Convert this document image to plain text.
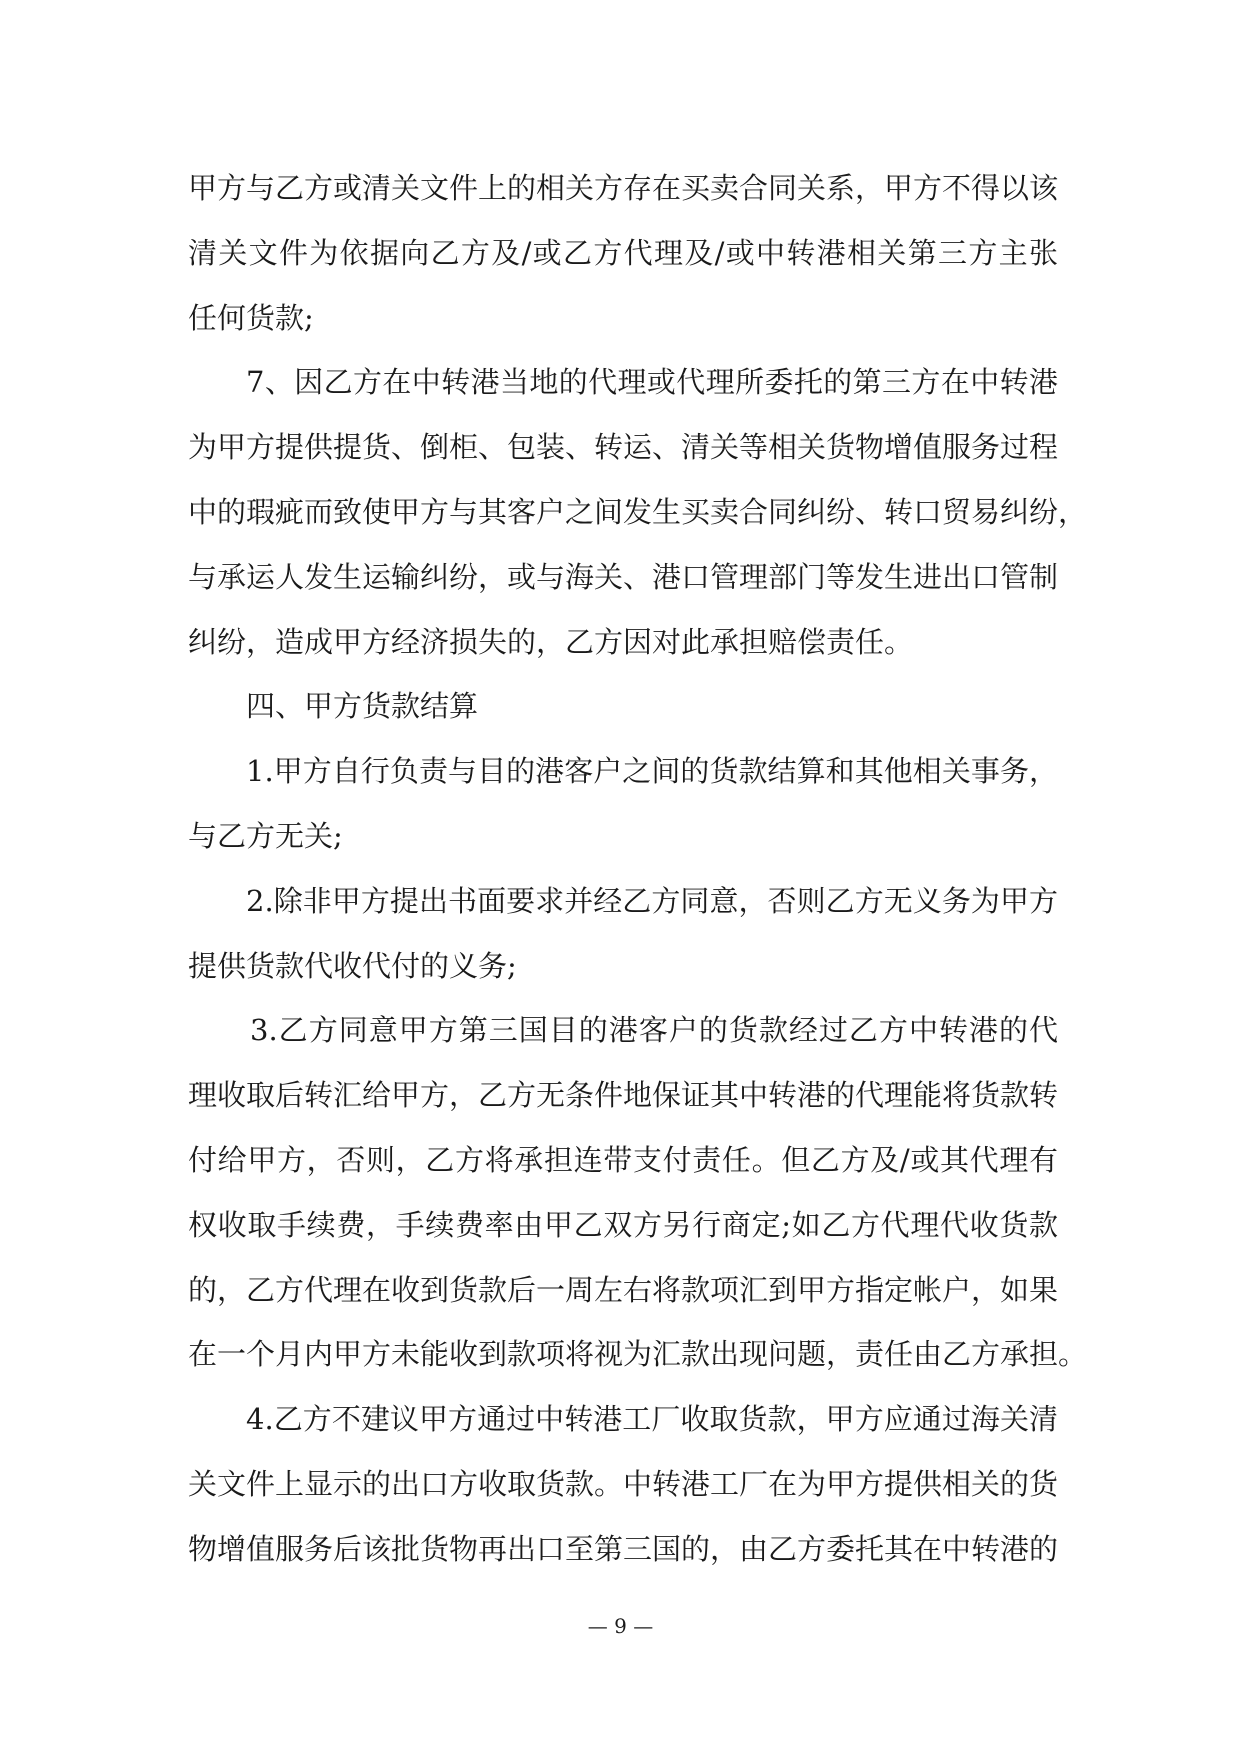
甲方与乙方或清关文件上的相关方存在买卖合同关系，甲方不得以该
清关文件为依据向乙方及/或乙方代理及/或中转港相关第三方主张
任何货款;
7、因乙方在中转港当地的代理或代理所委托的第三方在中转港
为甲方提供提货、倒柜、包装、转运、清关等相关货物增值服务过程
中的瑕疵而致使甲方与其客户之间发生买卖合同纠纷、转口贸易纠纷，
与承运人发生运输纠纷，或与海关、港口管理部门等发生进出口管制
纠纷，造成甲方经济损失的，乙方因对此承担赔偿责任。
四、甲方货款结算
1.甲方自行负责与目的港客户之间的货款结算和其他相关事务，
与乙方无关;
2.除非甲方提出书面要求并经乙方同意，否则乙方无义务为甲方
提供货款代收代付的义务;
3.乙方同意甲方第三国目的港客户的货款经过乙方中转港的代
理收取后转汇给甲方，乙方无条件地保证其中转港的代理能将货款转
付给甲方，否则，乙方将承担连带支付责任。但乙方及/或其代理有
权收取手续费，手续费率由甲乙双方另行商定;如乙方代理代收货款
的，乙方代理在收到货款后一周左右将款项汇到甲方指定帐户，如果
在一个月内甲方未能收到款项将视为汇款出现问题，责任由乙方承担。
4.乙方不建议甲方通过中转港工厂收取货款，甲方应通过海关清
关文件上显示的出口方收取货款。中转港工厂在为甲方提供相关的货
物增值服务后该批货物再出口至第三国的，由乙方委托其在中转港的
— 9 —
